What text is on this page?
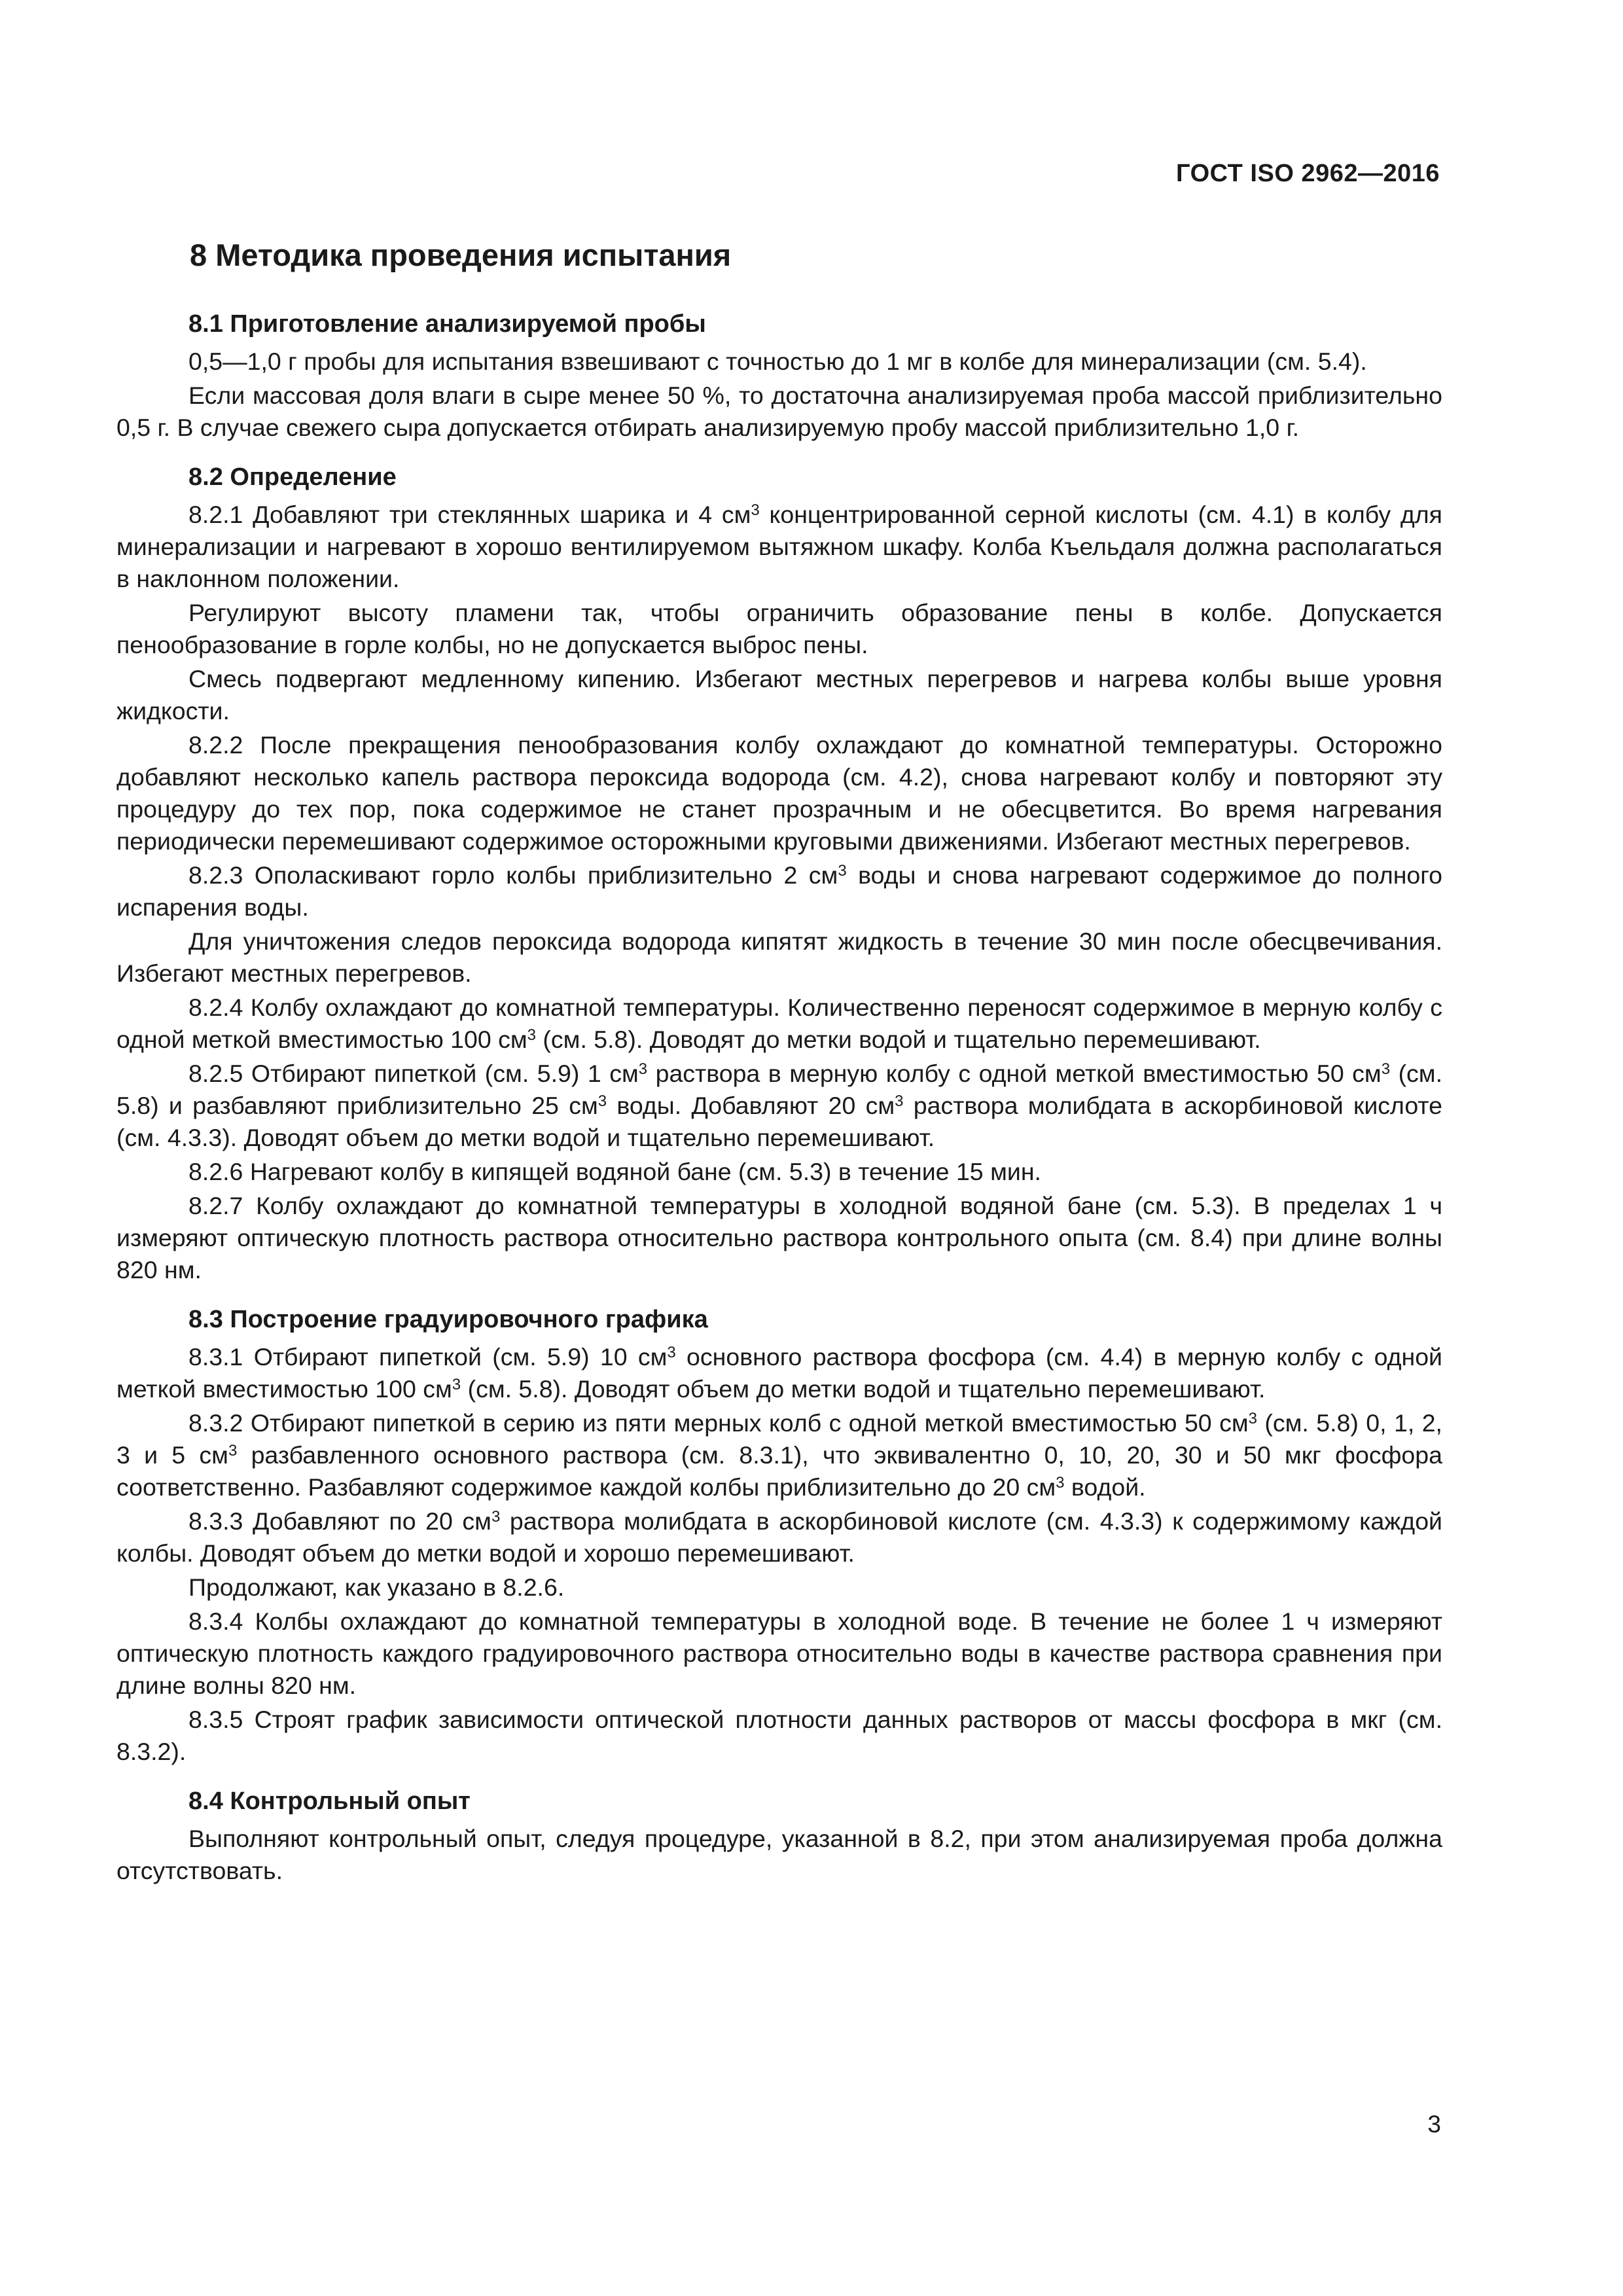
ГОСТ ISO 2962—2016
8 Методика проведения испытания
8.1 Приготовление анализируемой пробы

0,5—1,0 г пробы для испытания взвешивают с точностью до 1 мг в колбе для минерализации (см. 5.4).

Если массовая доля влаги в сыре менее 50 %, то достаточна анализируемая проба массой приблизительно 0,5 г. В случае свежего сыра допускается отбирать анализируемую пробу массой приблизительно 1,0 г.

8.2 Определение

8.2.1 Добавляют три стеклянных шарика и 4 $см^3$ концентрированной серной кислоты (см. 4.1) в колбу для минерализации и нагревают в хорошо вентилируемом вытяжном шкафу. Колба Къельдаля должна располагаться в наклонном положении.

Регулируют высоту пламени так, чтобы ограничить образование пены в колбе. Допускается пенообразование в горле колбы, но не допускается выброс пены.

Смесь подвергают медленному кипению. Избегают местных перегревов и нагрева колбы выше уровня жидкости.

8.2.2 После прекращения пенообразования колбу охлаждают до комнатной температуры. Осторожно добавляют несколько капель раствора пероксида водорода (см. 4.2), снова нагревают колбу и повторяют эту процедуру до тех пор, пока содержимое не станет прозрачным и не обесцветится. Во время нагревания периодически перемешивают содержимое осторожными круговыми движениями. Избегают местных перегревов.

8.2.3 Ополаскивают горло колбы приблизительно 2 $см^3$ воды и снова нагревают содержимое до полного испарения воды.

Для уничтожения следов пероксида водорода кипятят жидкость в течение 30 мин после обесцвечивания. Избегают местных перегревов.

8.2.4 Колбу охлаждают до комнатной температуры. Количественно переносят содержимое в мерную колбу с одной меткой вместимостью 100 $см^3$ (см. 5.8). Доводят до метки водой и тщательно перемешивают.

8.2.5 Отбирают пипеткой (см. 5.9) 1 $см^3$ раствора в мерную колбу с одной меткой вместимостью 50 $см^3$ (см. 5.8) и разбавляют приблизительно 25 $см^3$ воды. Добавляют 20 $см^3$ раствора молибдата в аскорбиновой кислоте (см. 4.3.3). Доводят объем до метки водой и тщательно перемешивают.

8.2.6 Нагревают колбу в кипящей водяной бане (см. 5.3) в течение 15 мин.

8.2.7 Колбу охлаждают до комнатной температуры в холодной водяной бане (см. 5.3). В пределах 1 ч измеряют оптическую плотность раствора относительно раствора контрольного опыта (см. 8.4) при длине волны 820 нм.

8.3 Построение градуировочного графика

8.3.1 Отбирают пипеткой (см. 5.9) 10 $см^3$ основного раствора фосфора (см. 4.4) в мерную колбу с одной меткой вместимостью 100 $см^3$ (см. 5.8). Доводят объем до метки водой и тщательно перемешивают.

8.3.2 Отбирают пипеткой в серию из пяти мерных колб с одной меткой вместимостью 50 $см^3$ (см. 5.8) 0, 1, 2, 3 и 5 $см^3$ разбавленного основного раствора (см. 8.3.1), что эквивалентно 0, 10, 20, 30 и 50 мкг фосфора соответственно. Разбавляют содержимое каждой колбы приблизительно до 20 $см^3$ водой.

8.3.3 Добавляют по 20 $см^3$ раствора молибдата в аскорбиновой кислоте (см. 4.3.3) к содержимому каждой колбы. Доводят объем до метки водой и хорошо перемешивают.

Продолжают, как указано в 8.2.6.

8.3.4 Колбы охлаждают до комнатной температуры в холодной воде. В течение не более 1 ч измеряют оптическую плотность каждого градуировочного раствора относительно воды в качестве раствора сравнения при длине волны 820 нм.

8.3.5 Строят график зависимости оптической плотности данных растворов от массы фосфора в мкг (см. 8.3.2).

8.4 Контрольный опыт

Выполняют контрольный опыт, следуя процедуре, указанной в 8.2, при этом анализируемая проба должна отсутствовать.

3
